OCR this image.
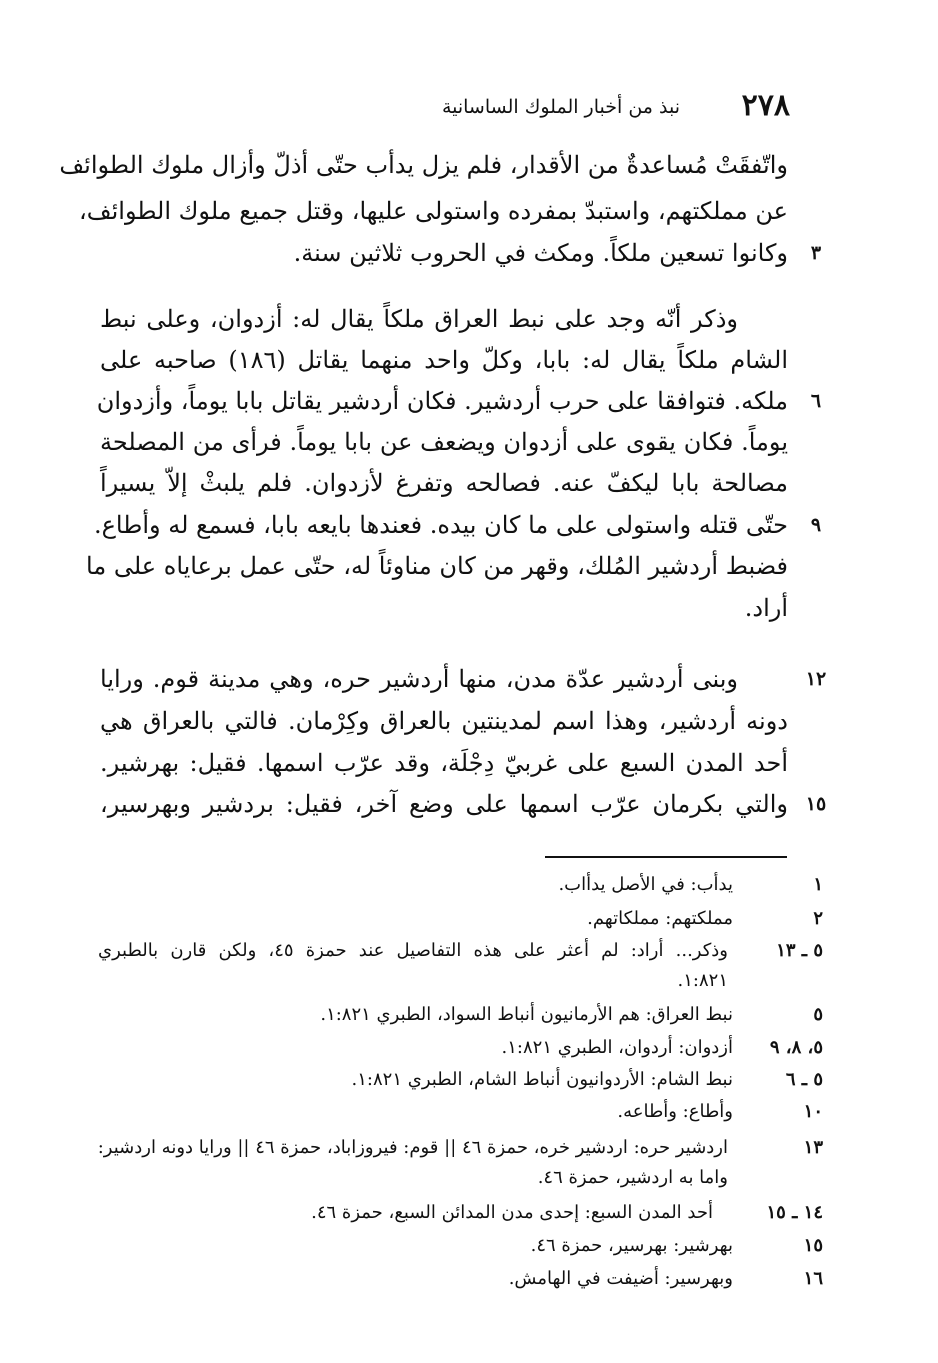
٢٧٨
نبذ من أخبار الملوك الساسانية
واتّفقَتْ مُساعدةٌ من الأقدار، فلم يزل يدأب حتّى أذلّ وأزال ملوك الطوائف
عن مملكتهم، واستبدّ بمفرده واستولى عليها، وقتل جميع ملوك الطوائف،
وكانوا تسعين ملكاً. ومكث في الحروب ثلاثين سنة.
وذكر أنّه وجد على نبط العراق ملكاً يقال له: أزدوان، وعلى نبط
الشام ملكاً يقال له: بابا، وكلّ واحد منهما يقاتل (١٨٦) صاحبه على
ملكه. فتوافقا على حرب أردشير. فكان أردشير يقاتل بابا يوماً، وأزدوان
يوماً. فكان يقوى على أزدوان ويضعف عن بابا يوماً. فرأى من المصلحة
مصالحة بابا ليكفّ عنه. فصالحه وتفرغ لأزدوان. فلم يلبثْ إلاّ يسيراً
حتّى قتله واستولى على ما كان بيده. فعندها بايعه بابا، فسمع له وأطاع.
فضبط أردشير المُلك، وقهر من كان مناوئاً له، حتّى عمل برعاياه على ما
أراد.
وبنى أردشير عدّة مدن، منها أردشير حره، وهي مدينة قوم. ورايا
دونه أردشير، وهذا اسم لمدينتين بالعراق وكِرْمان. فالتي بالعراق هي
أحد المدن السبع على غربيّ دِجْلَة، وقد عرّب اسمها. فقيل: بهرشير.
والتي بكرمان عرّب اسمها على وضع آخر، فقيل: بردشير وبهرسير،
٣
٦
٩
١٢
١٥
١
يدأب: في الأصل يدأاب.
٢
مملكتهم: مملكاتهم.
٥ ـ ١٣
وذكر... أراد: لم أعثر على هذه التفاصيل عند حمزة ٤٥، ولكن قارن بالطبري
١:٨٢١.
٥
نبط العراق: هم الأرمانيون أنباط السواد، الطبري ١:٨٢١.
٥، ٨، ٩
أزدوان: أردوان، الطبري ١:٨٢١.
٥ ـ ٦
نبط الشام: الأردوانيون أنباط الشام، الطبري ١:٨٢١.
١٠
وأطاع: وأطاعه.
١٣
اردشير حره: اردشير خره، حمزة ٤٦ || قوم: فيروزاباد، حمزة ٤٦ || ورايا دونه اردشير:
واما به اردشير، حمزة ٤٦.
١٤ ـ ١٥
أحد المدن السبع: إحدى مدن المدائن السبع، حمزة ٤٦.
١٥
بهرشير: بهرسير، حمزة ٤٦.
١٦
وبهرسير: أضيفت في الهامش.
